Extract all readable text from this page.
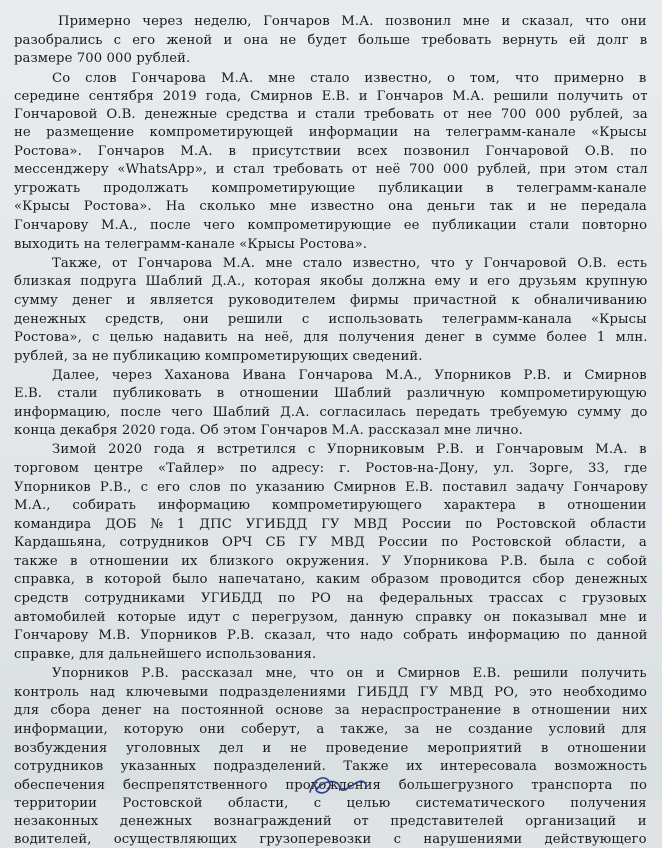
Примерно через неделю, Гончаров М.А. позвонил мне и сказал, что они
разобрались с его женой и она не будет больше требовать вернуть ей долг в
размере 700 000 рублей.
Со слов Гончарова М.А. мне стало известно, о том, что примерно в
середине сентября 2019 года, Смирнов Е.В. и Гончаров М.А. решили получить от
Гончаровой О.В. денежные средства и стали требовать от нее 700 000 рублей, за
не размещение компрометирующей информации на телеграмм-канале «Крысы
Ростова». Гончаров М.А. в присутствии всех позвонил Гончаровой О.В. по
мессенджеру «WhatsApp», и стал требовать от неё 700 000 рублей, при этом стал
угрожать продолжать компрометирующие публикации в телеграмм-канале
«Крысы Ростова». На сколько мне известно она деньги так и не передала
Гончарову М.А., после чего компрометирующие ее публикации стали повторно
выходить на телеграмм-канале «Крысы Ростова».
Также, от Гончарова М.А. мне стало известно, что у Гончаровой О.В. есть
близкая подруга Шаблий Д.А., которая якобы должна ему и его друзьям крупную
сумму денег и является руководителем фирмы причастной к обналичиванию
денежных средств, они решили с использовать телеграмм-канала «Крысы
Ростова», с целью надавить на неё, для получения денег в сумме более 1 млн.
рублей, за не публикацию компрометирующих сведений.
Далее, через Хаханова Ивана Гончарова М.А., Упорников Р.В. и Смирнов
Е.В. стали публиковать в отношении Шаблий различную компрометирующую
информацию, после чего Шаблий Д.А. согласилась передать требуемую сумму до
конца декабря 2020 года. Об этом Гончаров М.А. рассказал мне лично.
Зимой 2020 года я встретился с Упорниковым Р.В. и Гончаровым М.А. в
торговом центре «Тайлер» по адресу: г. Ростов-на-Дону, ул. Зорге, 33, где
Упорников Р.В., с его слов по указанию Смирнов Е.В. поставил задачу Гончарову
М.А., собирать информацию компрометирующего характера в отношении
командира ДОБ № 1 ДПС УГИБДД ГУ МВД России по Ростовской области
Кардашьяна, сотрудников ОРЧ СБ ГУ МВД России по Ростовской области, а
также в отношении их близкого окружения. У Упорникова Р.В. была с собой
справка, в которой было напечатано, каким образом проводится сбор денежных
средств сотрудниками УГИБДД по РО на федеральных трассах с грузовых
автомобилей которые идут с перегрузом, данную справку он показывал мне и
Гончарову М.В. Упорников Р.В. сказал, что надо собрать информацию по данной
справке, для дальнейшего использования.
Упорников Р.В. рассказал мне, что он и Смирнов Е.В. решили получить
контроль над ключевыми подразделениями ГИБДД ГУ МВД РО, это необходимо
для сбора денег на постоянной основе за нераспространение в отношении них
информации, которую они соберут, а также, за не создание условий для
возбуждения уголовных дел и не проведение мероприятий в отношении
сотрудников указанных подразделений. Также их интересовала возможность
обеспечения беспрепятственного прохождения большегрузного транспорта по
территории Ростовской области, с целью систематического получения
незаконных денежных вознаграждений от представителей организаций и
водителей, осуществляющих грузоперевозки с нарушениями действующего
